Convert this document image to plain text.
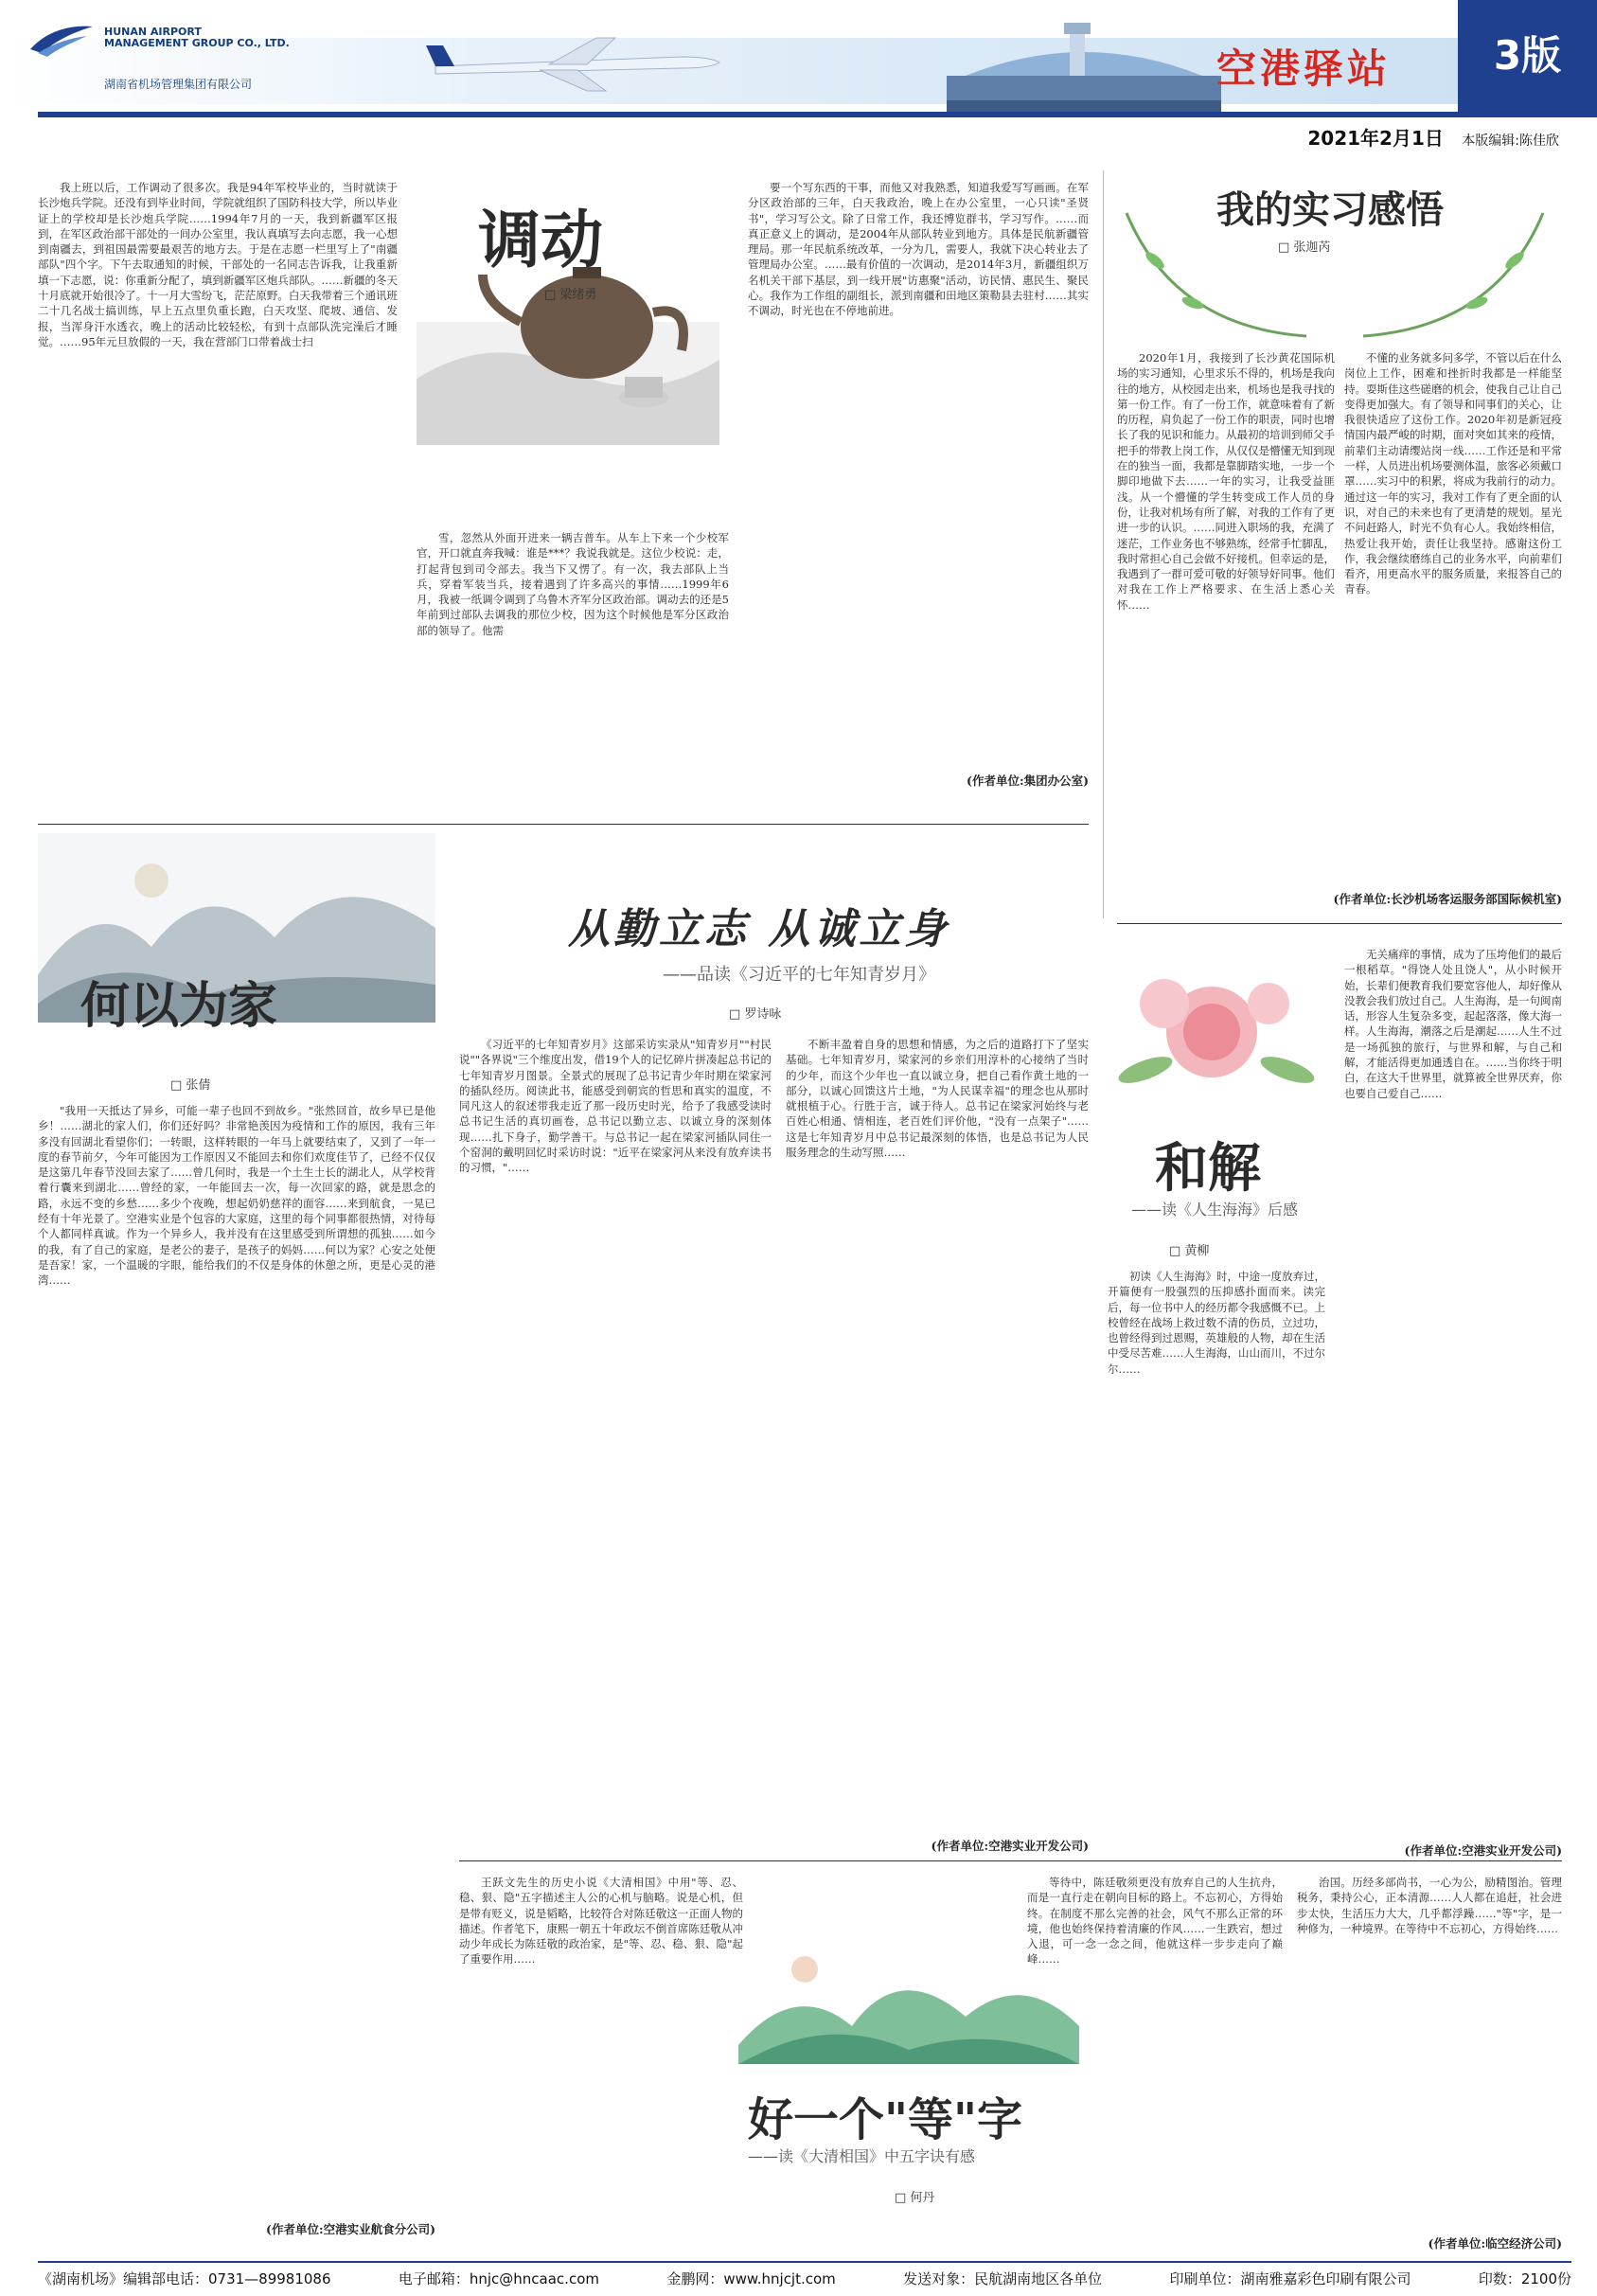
HUNAN AIRPORT
MANAGEMENT GROUP CO., LTD.
湖南省机场管理集团有限公司	空港驿站	3版
2021年2月1日 本版编辑:陈佳欣

我上班以后，工作调动了很多次。我是94年军校毕业的，当时就读于长沙炮兵学院。还没有到毕业时间，学院就组织了国防科技大学，所以毕业证上的学校却是长沙炮兵学院……1994年7月的一天，我到新疆军区报到，在军区政治部干部处的一间办公室里，我认真填写去向志愿，我一心想到南疆去，到祖国最需要最艰苦的地方去。于是在志愿一栏里写上了"南疆部队"四个字。下午去取通知的时候，干部处的一名同志告诉我，让我重新填一下志愿，说：你重新分配了，填到新疆军区炮兵部队。……新疆的冬天十月底就开始很冷了。十一月大雪纷飞，茫茫原野。白天我带着三个通讯班二十几名战士搞训练，早上五点里负重长跑，白天攻坚、爬坡、通信、发报，当浑身汗水透衣，晚上的活动比较轻松，有到十点部队洗完澡后才睡觉。……95年元旦放假的一天，我在营部门口带着战士扫

调动
□ 梁绪勇

雪，忽然从外面开进来一辆吉普车。从车上下来一个少校军官，开口就直奔我喊：谁是***？我说我就是。这位少校说：走，打起背包到司令部去。我当下又愣了。有一次，我去部队上当兵，穿着军装当兵，接着遇到了许多高兴的事情……1999年6月，我被一纸调令调到了乌鲁木齐军分区政治部。调动去的还是5年前到过部队去调我的那位少校，因为这个时候他是军分区政治部的领导了。他需

要一个写东西的干事，而他又对我熟悉，知道我爱写写画画。在军分区政治部的三年，白天我政治，晚上在办公室里，一心只读"圣贤书"，学习写公文。除了日常工作，我还博览群书，学习写作。……而真正意义上的调动，是2004年从部队转业到地方。具体是民航新疆管理局。那一年民航系统改革，一分为几，需要人，我就下决心转业去了管理局办公室。……最有价值的一次调动，是2014年3月，新疆组织万名机关干部下基层，到一线开展"访惠聚"活动，访民情、惠民生、聚民心。我作为工作组的副组长，派到南疆和田地区策勒县去驻村……其实不调动，时光也在不停地前进。

(作者单位:集团办公室)
我的实习感悟
□ 张迦芮

2020年1月，我接到了长沙黄花国际机场的实习通知，心里求乐不得的，机场是我向往的地方，从校园走出来，机场也是我寻找的第一份工作。有了一份工作，就意味着有了新的历程，肩负起了一份工作的职责，同时也增长了我的见识和能力。从最初的培训到师父手把手的带教上岗工作，从仅仅是懵懂无知到现在的独当一面，我都是靠脚踏实地，一步一个脚印地做下去……一年的实习，让我受益匪浅。从一个懵懂的学生转变成工作人员的身份，让我对机场有所了解，对我的工作有了更进一步的认识。……同进入职场的我，充满了迷茫，工作业务也不够熟练，经常手忙脚乱，我时常担心自己会做不好接机。但幸运的是，我遇到了一群可爱可敬的好领导好同事。他们对我在工作上严格要求、在生活上悉心关怀……

不懂的业务就多问多学，不管以后在什么岗位上工作，困难和挫折时我都是一样能坚持。耍斯佳这些磋磨的机会，使我自己让自己变得更加强大。有了领导和同事们的关心，让我很快适应了这份工作。2020年初是新冠疫情国内最严峻的时期，面对突如其来的疫情，前辈们主动请缨站岗一线……工作还是和平常一样，人员进出机场要测体温，旅客必须戴口罩……实习中的积累，将成为我前行的动力。通过这一年的实习，我对工作有了更全面的认识，对自己的未来也有了更清楚的规划。星光不问赶路人，时光不负有心人。我始终相信，热爱让我开始，责任让我坚持。感谢这份工作，我会继续磨练自己的业务水平，向前辈们看齐，用更高水平的服务质量，来报答自己的青春。

(作者单位:长沙机场客运服务部国际候机室)
何以为家
□ 张倩

"我用一天抵达了异乡，可能一辈子也回不到故乡。"张然回首，故乡早已是他乡！……湖北的家人们，你们还好吗？非常艳羡因为疫情和工作的原因，我有三年多没有回湖北看望你们；一转眼，这样转眼的一年马上就要结束了，又到了一年一度的春节前夕，今年可能因为工作原因又不能回去和你们欢度佳节了，已经不仅仅是这第几年春节没回去家了……曾几何时，我是一个土生土长的湖北人，从学校背着行囊来到湖北……曾经的家，一年能回去一次，每一次回家的路，就是思念的路，永远不变的乡愁……多少个夜晚，想起奶奶慈祥的面容……来到航食，一晃已经有十年光景了。空港实业是个包容的大家庭，这里的每个同事都很热情，对待每个人都同样真诚。作为一个异乡人，我并没有在这里感受到所谓想的孤独……如今的我，有了自己的家庭，是老公的妻子，是孩子的妈妈……何以为家？心安之处便是吾家！家，一个温暖的字眼，能给我们的不仅是身体的休憩之所，更是心灵的港湾……

(作者单位:空港实业航食分公司)
从勤立志 从诚立身
——品读《习近平的七年知青岁月》
□ 罗诗咏

《习近平的七年知青岁月》这部采访实录从"知青岁月""村民说""各界说"三个维度出发，借19个人的记忆碎片拼凑起总书记的七年知青岁月图景。全景式的展现了总书记青少年时期在梁家河的插队经历。阅读此书，能感受到朝宾的哲思和真实的温度，不同凡这人的叙述带我走近了那一段历史时光，给予了我感受读时总书记生活的真切画卷，总书记以勤立志、以诚立身的深刻体现……扎下身子，勤学善干。与总书记一起在梁家河插队同住一个窑洞的戴明回忆时采访时说："近平在梁家河从来没有放弃读书的习惯，"……

不断丰盈着自身的思想和情感，为之后的道路打下了坚实基础。七年知青岁月，梁家河的乡亲们用淳朴的心接纳了当时的少年，而这个少年也一直以诚立身，把自己看作黄土地的一部分，以诚心回馈这片土地，"为人民谋幸福"的理念也从那时就根植于心。行胜于言，诚于待人。总书记在梁家河始终与老百姓心相通、情相连，老百姓们评价他，"没有一点架子"……这是七年知青岁月中总书记最深刻的体悟，也是总书记为人民服务理念的生动写照……

(作者单位:空港实业开发公司)
和解
——读《人生海海》后感
□ 黄柳

初读《人生海海》时，中途一度放弃过，开篇便有一股强烈的压抑感扑面而来。读完后，每一位书中人的经历都令我感慨不已。上校曾经在战场上救过数不清的伤员，立过功，也曾经得到过恩赐，英雄般的人物，却在生活中受尽苦难……人生海海，山山而川，不过尔尔……

无关痛痒的事情，成为了压垮他们的最后一根稻草。"得饶人处且饶人"，从小时候开始，长辈们便教育我们要宽容他人，却好像从没教会我们放过自己。人生海海，是一句闽南话，形容人生复杂多变，起起落落，像大海一样。人生海海，潮落之后是潮起……人生不过是一场孤独的旅行，与世界和解，与自己和解，才能活得更加通透自在。……当你终于明白，在这大千世界里，就算被全世界厌弃，你也要自己爱自己……

(作者单位:空港实业开发公司)

王跃文先生的历史小说《大清相国》中用"等、忍、稳、狠、隐"五字描述主人公的心机与脑略。说是心机，但是带有贬义，说是韬略，比较符合对陈廷敬这一正面人物的描述。作者笔下，康熙一朝五十年政坛不倒首席陈廷敬从冲动少年成长为陈廷敬的政治家，是"等、忍、稳、狠、隐"起了重要作用……

好一个"等"字
——读《大清相国》中五字诀有感
□ 何丹

等待中，陈廷敬须更没有放弃自己的人生抗舟，而是一直行走在朝向目标的路上。不忘初心，方得始终。在制度不那么完善的社会，风气不那么正常的环境，他也始终保持着清廉的作风……一生跌宕，想过入退，可一念一念之间，他就这样一步步走向了巅峰……

治国。历经多部尚书，一心为公，励精图治。管理税务，秉持公心，正本清源……人人都在追赶，社会进步太快，生活压力大大，几乎都浮躁……"等"字，是一种修为，一种境界。在等待中不忘初心，方得始终……

(作者单位:临空经济公司)
《湖南机场》编辑部电话：0731—89981086	电子邮箱：hnjc@hncaac.com	金鹏网：www.hnjcjt.com	发送对象：民航湖南地区各单位	印刷单位：湖南雅嘉彩色印刷有限公司	印数：2100份
